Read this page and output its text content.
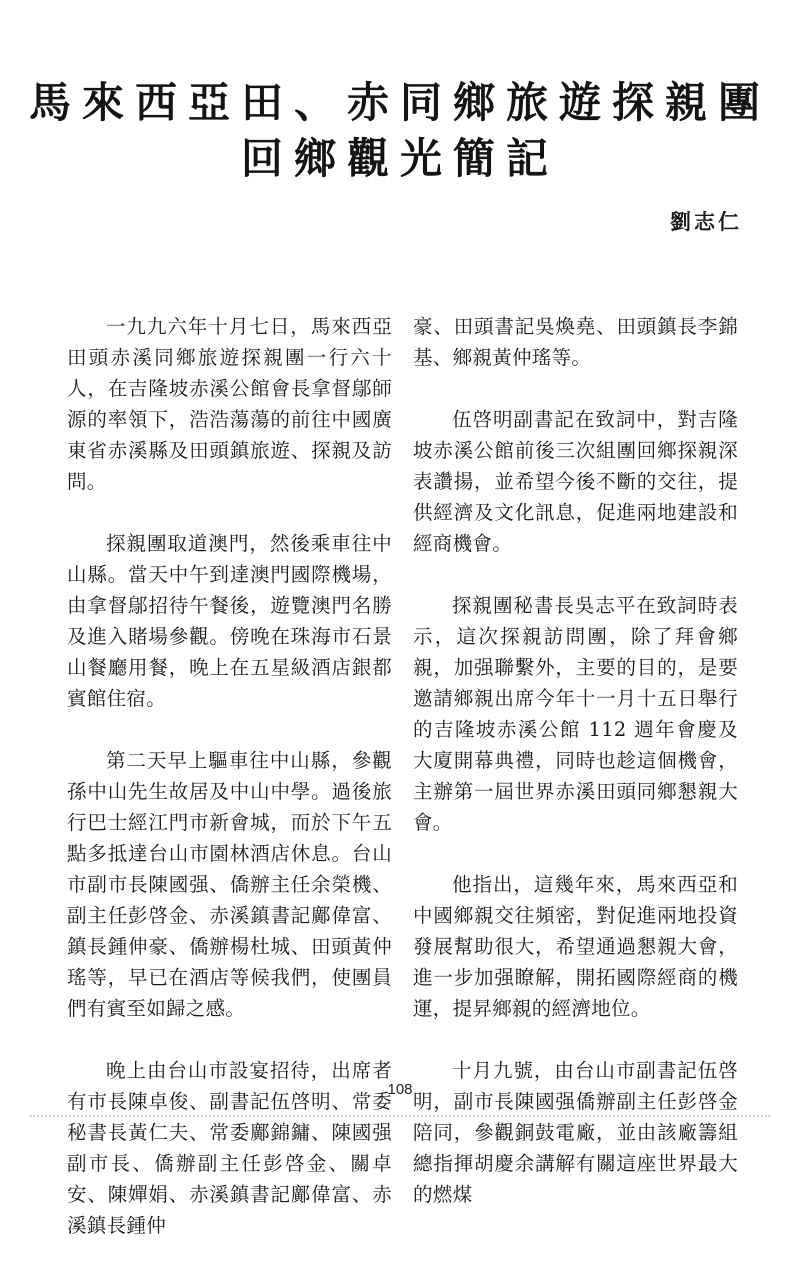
馬來西亞田、赤同鄉旅遊探親團
回鄉觀光簡記
劉志仁

一九九六年十月七日，馬來西亞田頭赤溪同鄉旅遊探親團一行六十人，在吉隆坡赤溪公館會長拿督鄔師源的率領下，浩浩蕩蕩的前往中國廣東省赤溪縣及田頭鎮旅遊、探親及訪問。

探親團取道澳門，然後乘車往中山縣。當天中午到達澳門國際機場，由拿督鄔招待午餐後，遊覽澳門名勝及進入賭場參觀。傍晚在珠海市石景山餐廳用餐，晚上在五星級酒店銀都賓館住宿。

第二天早上驅車往中山縣，參觀孫中山先生故居及中山中學。過後旅行巴士經江門市新會城，而於下午五點多抵達台山市園林酒店休息。台山市副市長陳國强、僑辦主任余榮機、副主任彭啓金、赤溪鎮書記鄺偉富、鎮長鍾伸豪、僑辦楊杜城、田頭黃仲瑤等，早已在酒店等候我們，使團員們有賓至如歸之感。

晚上由台山市設宴招待，出席者有市長陳卓俊、副書記伍啓明、常委秘書長黃仁夫、常委鄺錦鏞、陳國强副市長、僑辦副主任彭啓金、關卓安、陳嬋娟、赤溪鎮書記鄺偉富、赤溪鎮長鍾仲

豪、田頭書記吳煥堯、田頭鎮長李錦基、鄉親黃仲瑤等。

伍啓明副書記在致詞中，對吉隆坡赤溪公館前後三次組團回鄉探親深表讚揚，並希望今後不斷的交往，提供經濟及文化訊息，促進兩地建設和經商機會。

探親團秘書長吳志平在致詞時表示，這次探親訪問團，除了拜會鄉親，加强聯繫外，主要的目的，是要邀請鄉親出席今年十一月十五日舉行的吉隆坡赤溪公館 112 週年會慶及大廈開幕典禮，同時也趁這個機會，主辦第一屆世界赤溪田頭同鄉懇親大會。

他指出，這幾年來，馬來西亞和中國鄉親交往頻密，對促進兩地投資發展幫助很大，希望通過懇親大會，進一步加强瞭解，開拓國際經商的機運，提昇鄉親的經濟地位。

十月九號，由台山市副書記伍啓明，副市長陳國强僑辦副主任彭啓金陪同，參觀銅鼓電廠，並由該廠籌組總指揮胡慶余講解有關這座世界最大的燃煤

108
